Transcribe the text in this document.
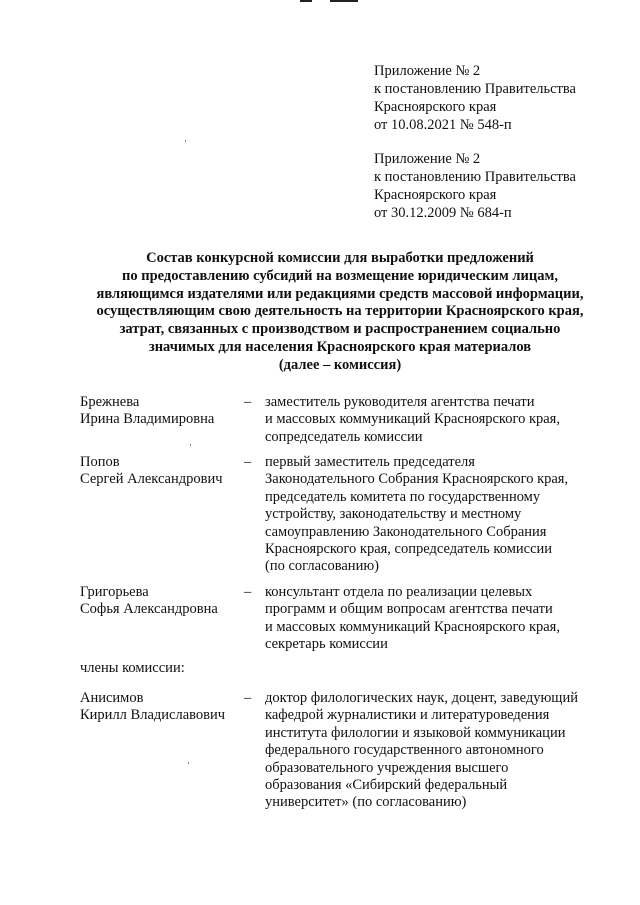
Приложение № 2
к постановлению Правительства
Красноярского края
от 10.08.2021 № 548-п
Приложение № 2
к постановлению Правительства
Красноярского края
от 30.12.2009 № 684-п
Состав конкурсной комиссии для выработки предложений
по предоставлению субсидий на возмещение юридическим лицам,
являющимся издателями или редакциями средств массовой информации,
осуществляющим свою деятельность на территории Красноярского края,
затрат, связанных с производством и распространением социально
значимых для населения Красноярского края материалов
(далее – комиссия)
Брежнева
Ирина Владимировна
– заместитель руководителя агентства печати
и массовых коммуникаций Красноярского края,
сопредседатель комиссии
Попов
Сергей Александрович
– первый заместитель председателя
Законодательного Собрания Красноярского края,
председатель комитета по государственному
устройству, законодательству и местному
самоуправлению Законодательного Собрания
Красноярского края, сопредседатель комиссии
(по согласованию)
Григорьева
Софья Александровна
– консультант отдела по реализации целевых
программ и общим вопросам агентства печати
и массовых коммуникаций Красноярского края,
секретарь комиссии
члены комиссии:
Анисимов
Кирилл Владиславович
– доктор филологических наук, доцент, заведующий
кафедрой журналистики и литературоведения
института филологии и языковой коммуникации
федерального государственного автономного
образовательного учреждения высшего
образования «Сибирский федеральный
университет» (по согласованию)
